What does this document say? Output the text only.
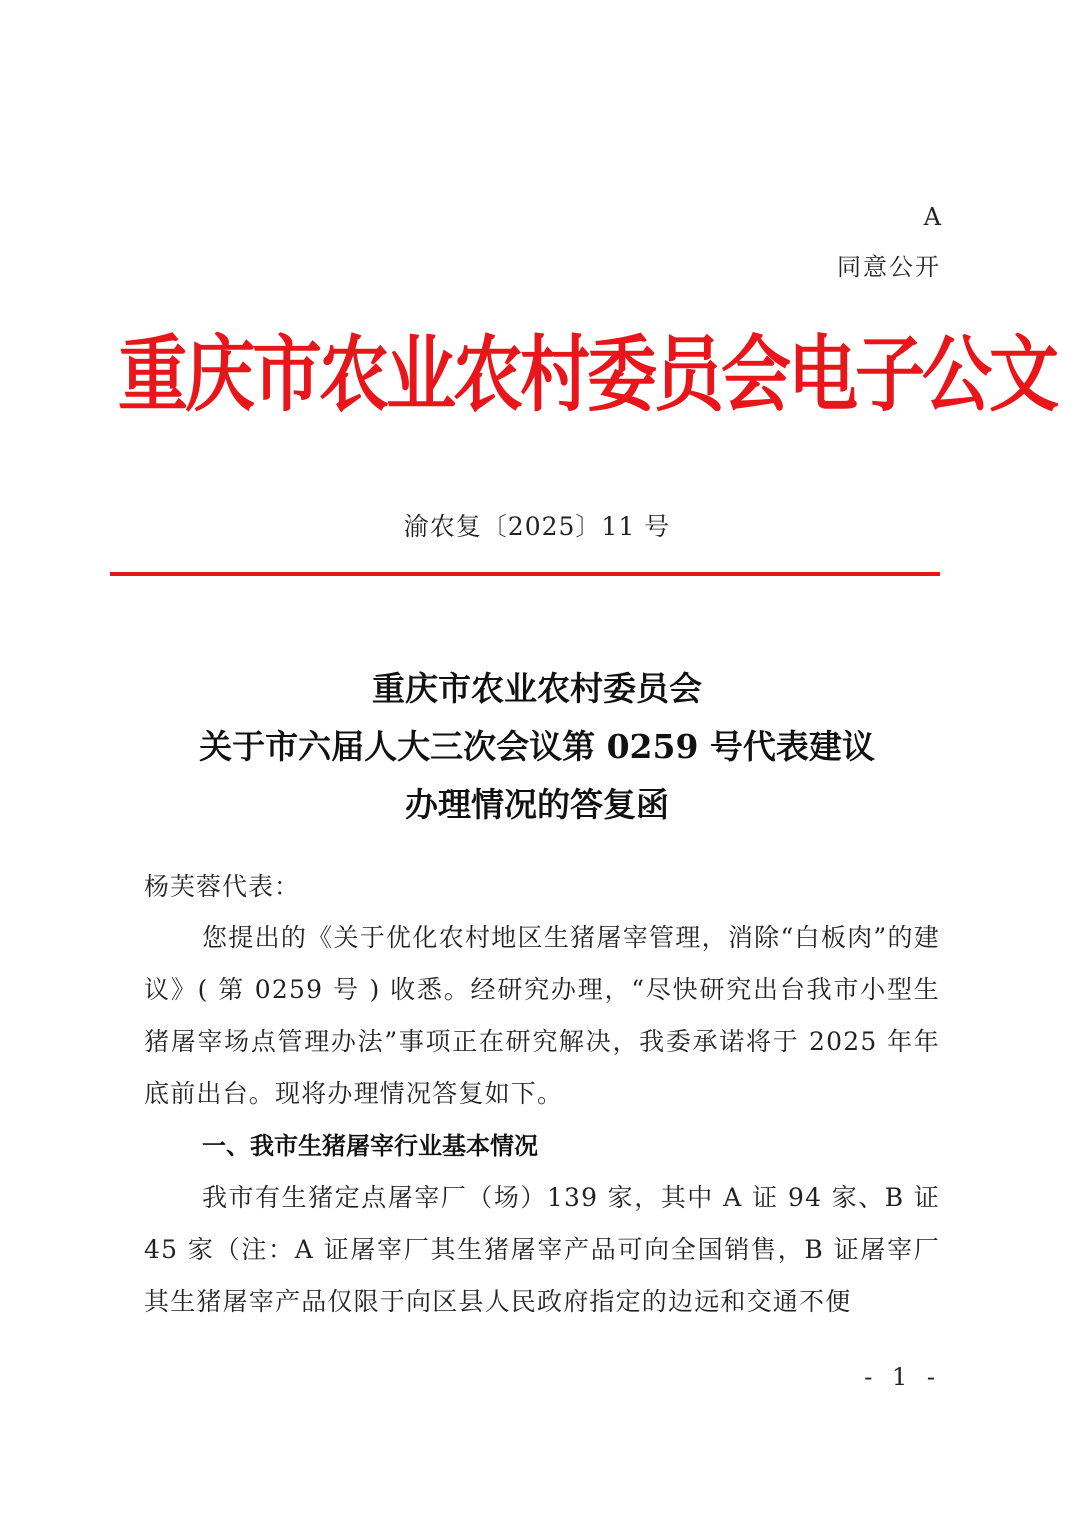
A
同意公开
重庆市农业农村委员会电子公文
渝农复〔2025〕11 号
重庆市农业农村委员会
关于市六届人大三次会议第 0259 号代表建议
办理情况的答复函
杨芙蓉代表：

您提出的《关于优化农村地区生猪屠宰管理，消除“白板肉”的建议》( 第 0259 号 ) 收悉。经研究办理，“尽快研究出台我市小型生猪屠宰场点管理办法”事项正在研究解决，我委承诺将于 2025 年年底前出台。现将办理情况答复如下。

一、我市生猪屠宰行业基本情况

我市有生猪定点屠宰厂（场）139 家，其中 A 证 94 家、B 证 45 家（注：A 证屠宰厂其生猪屠宰产品可向全国销售，B 证屠宰厂其生猪屠宰产品仅限于向区县人民政府指定的边远和交通不便

- 1 -
